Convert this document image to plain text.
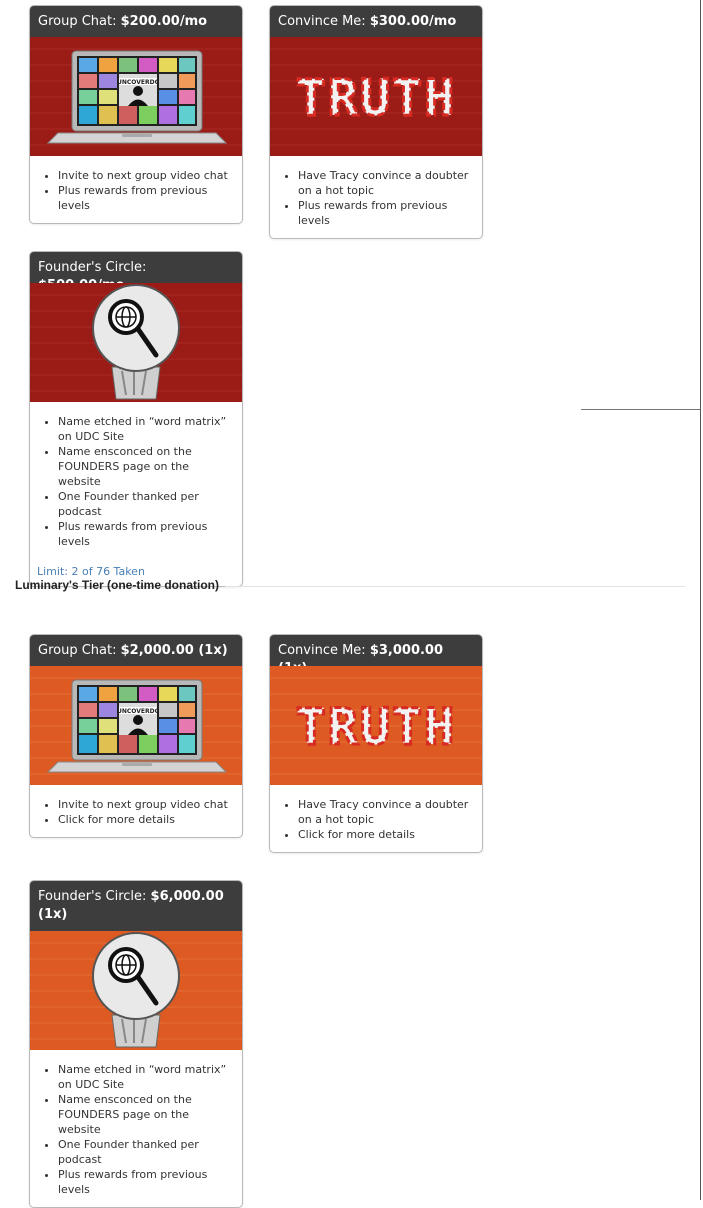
Group Chat: $200.00/mo
UNCOVERDC
• Invite to next group video chat
• Plus rewards from previous levels
Convince Me: $300.00/mo
TRUTH
• Have Tracy convince a doubter on a hot topic
• Plus rewards from previous levels
Founder's Circle:
• Name etched in “word matrix” on UDC Site
• Name ensconced on the FOUNDERS page on the website
• One Founder thanked per podcast
• Plus rewards from previous levels
Limit: 2 of 76 Taken
Luminary's Tier (one-time donation)
Group Chat: $2,000.00 (1x)
UNCOVERDC
• Invite to next group video chat
• Click for more details
Convince Me: $3,000.00
TRUTH
• Have Tracy convince a doubter on a hot topic
• Click for more details
Founder's Circle: $6,000.00 (1x)
• Name etched in “word matrix” on UDC Site
• Name ensconced on the FOUNDERS page on the website
• One Founder thanked per podcast
• Plus rewards from previous levels
